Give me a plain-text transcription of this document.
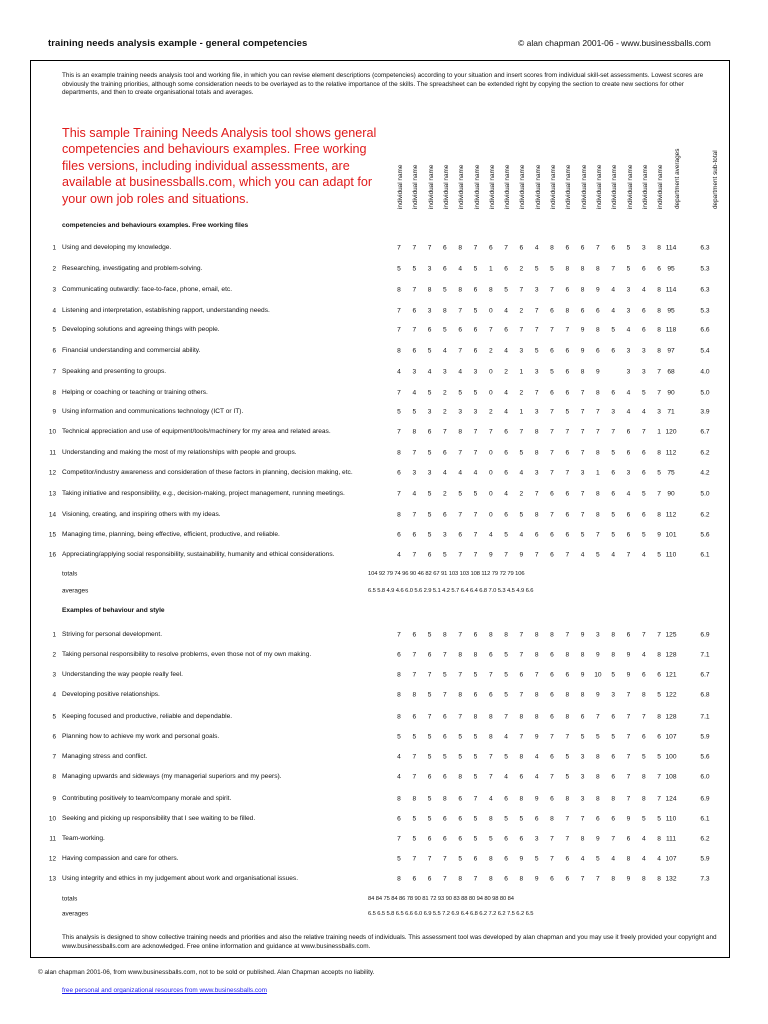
training needs analysis example - general competencies	© alan chapman 2001-06 - www.businessballs.com
This is an example training needs analysis tool and working file, in which you can revise element descriptions (competencies) according to your situation and insert scores from individual skill-set assessments. Lowest scores are obviously the training priorities, although some consideration needs to be overlayed as to the relative importance of the skills. The spreadsheet can be extended right by copying the section to create new sections for other departments, and then to create organisational totals and averages.
This sample Training Needs Analysis tool shows general competencies and behaviours examples. Free working files versions, including individual assessments, are available at businessballs.com, which you can adapt for your own job roles and situations.	individual name individual name individual name individual name individual name individual name individual name individual name individual name individual name individual name individual name individual name individual name individual name individual name individual name individual name department averages	department sub-total
competencies and behaviours examples. Free working files
1 Using and developing my knowledge.	7	7	7	6	8	7	6	7	6	4	8	6	6	7	6	5	3	8 114	6.3
2 Researching, investigating and problem-solving.	5	5	3	6	4	5	1	6	2	5	5	8	8	8	7	5	6	6 95	5.3
3 Communicating outwardly: face-to-face, phone, email, etc.	8	7	8	5	8	6	8	5	7	3	7	6	8	9	4	3	4	8 114	6.3
4 Listening and interpretation, establishing rapport, understanding needs.	7	6	3	8	7	5	0	4	2	7	6	8	6	6	4	3	6	8 95	5.3
5 Developing solutions and agreeing things with people.	7	7	6	5	6	6	7	6	7	7	7	7	9	8	5	4	6	8 118	6.6
6 Financial understanding and commercial ability.	8	6	5	4	7	6	2	4	3	5	6	6	9	6	6	3	3	8 97	5.4
7 Speaking and presenting to groups.	4	3	4	3	4	3	0	2	1	3	5	6	8	9	3	3	7 68	4.0
8 Helping or coaching or teaching or training others.	7	4	5	2	5	5	0	4	2	7	6	6	7	8	6	4	5	7 90	5.0
9 Using information and communications technology (ICT or IT).	5	5	3	2	3	3	2	4	1	3	7	5	7	7	3	4	4	3 71	3.9
10 Technical appreciation and use of equipment/tools/machinery for my area and related areas.	7	8	6	7	8	7	7	6	7	8	7	7	7	7	7	6	7	1 120	6.7
11 Understanding and making the most of my relationships with people and groups.	8	7	5	6	7	7	0	6	5	8	7	6	7	8	5	6	6	8 112	6.2
12 Competitor/industry awareness and consideration of these factors in planning, decision making, etc.	6	3	3	4	4	4	0	6	4	3	7	7	3	1	6	3	6	5 75	4.2
13 Taking initiative and responsibility, e.g., decision-making, project management, running meetings.	7	4	5	2	5	5	0	4	2	7	6	6	7	8	6	4	5	7 90	5.0
14 Visioning, creating, and inspiring others with my ideas.	8	7	5	6	7	7	0	6	5	8	7	6	7	8	5	6	6	8 112	6.2
15 Managing time, planning, being effective, efficient, productive, and reliable.	6	6	5	3	6	7	4	5	4	6	6	6	5	7	5	6	5	9 101	5.6
16 Appreciating/applying social responsibility, sustainability, humanity and ethical considerations.	4	7	6	5	7	7	9	7	9	7	6	7	4	5	4	7	4	5 110	6.1
totals	104 92 79 74 96 90 46 82 67 91 103 103 108 112 79 72 79 106
averages	6.5 5.8 4.9 4.6 6.0 5.6 2.9 5.1 4.2 5.7 6.4 6.4 6.8 7.0 5.3 4.5 4.9 6.6
Examples of behaviour and style
1 Striving for personal development.	7	6	5	8	7	6	8	8	7	8	8	7	9	3	8	6	7	7 125	6.9
2 Taking personal responsibility to resolve problems, even those not of my own making.	6	7	6	7	8	8	6	5	7	8	6	8	8	9	8	9	4	8 128	7.1
3 Understanding the way people really feel.	8	7	7	5	7	5	7	5	6	7	6	6	9	10	5	9	6	6 121	6.7
4 Developing positive relationships.	8	8	5	7	8	6	6	5	7	8	6	8	8	9	3	7	8	5 122	6.8
5 Keeping focused and productive, reliable and dependable.	8	6	7	6	7	8	8	7	8	8	6	8	6	7	6	7	7	8 128	7.1
6 Planning how to achieve my work and personal goals.	5	5	5	6	5	5	8	4	7	9	7	7	5	5	5	7	6	6 107	5.9
7 Managing stress and conflict.	4	7	5	5	5	5	7	5	8	4	6	5	3	8	6	7	5	5 100	5.6
8 Managing upwards and sideways (my managerial superiors and my peers).	4	7	6	6	8	5	7	4	6	4	7	5	3	8	6	7	8	7 108	6.0
9 Contributing positively to team/company morale and spirit.	8	8	5	8	6	7	4	6	8	9	6	8	3	8	8	7	8	7 124	6.9
10 Seeking and picking up responsibility that I see waiting to be filled.	6	5	5	6	6	5	8	5	5	6	8	7	7	6	6	9	5	5 110	6.1
11 Team-working.	7	5	6	6	6	5	5	6	6	3	7	7	8	9	7	6	4	8 111	6.2
12 Having compassion and care for others.	5	7	7	7	5	6	8	6	9	5	7	6	4	5	4	8	4	4 107	5.9
13 Using integrity and ethics in my judgement about work and organisational issues.	8	6	6	7	8	7	8	6	8	9	6	6	7	7	8	9	8	8 132	7.3
totals	84 84 75 84 86 78 90 81 72 93 90 83 88 80 94 80 98 80 84
averages	6.5 6.5 5.8 6.5 6.6 6.0 6.9 5.5 7.2 6.9 6.4 6.8 6.2 7.2 6.2 7.5 6.2 6.5
This analysis is designed to show collective training needs and priorities and also the relative training needs of individuals. This assessment tool was developed by alan chapman and you may use it freely provided your copyright and www.businessballs.com are acknowledged. Free online information and guidance at www.businessballs.com.
© alan chapman 2001-06, from www.businessballs.com, not to be sold or published. Alan Chapman accepts no liability.
free personal and organizational resources from www.businessballs.com
